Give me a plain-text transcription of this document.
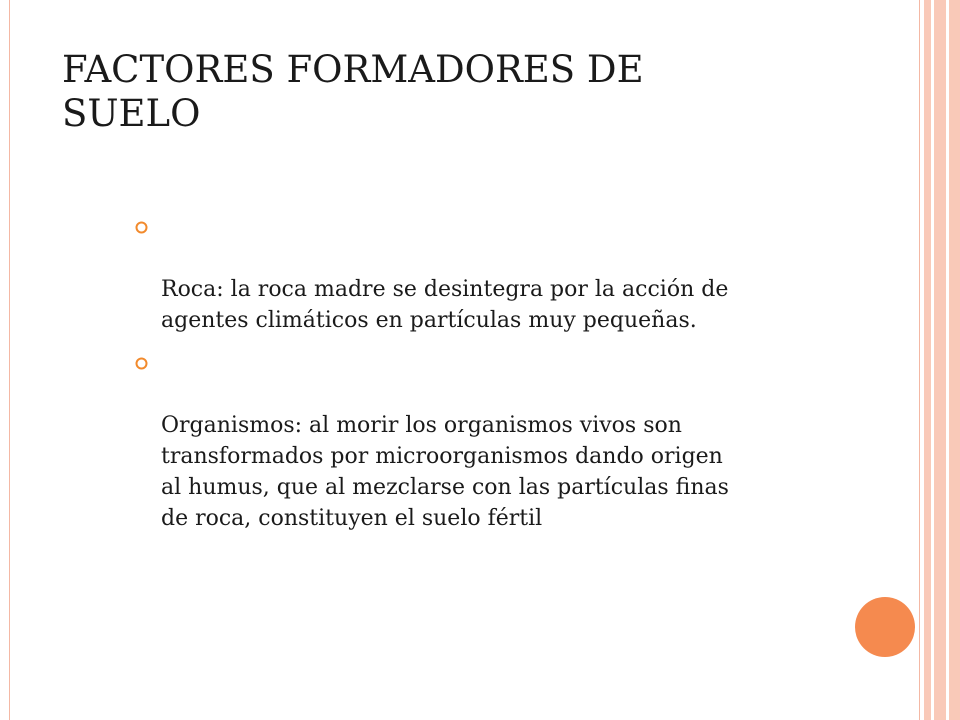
FACTORES FORMADORES DE
SUELO

Roca: la roca madre se desintegra por la acción de
agentes climáticos en partículas muy pequeñas.

Organismos: al morir los organismos vivos son
transformados por microorganismos dando origen
al humus, que al mezclarse con las partículas finas
de roca, constituyen el suelo fértil
